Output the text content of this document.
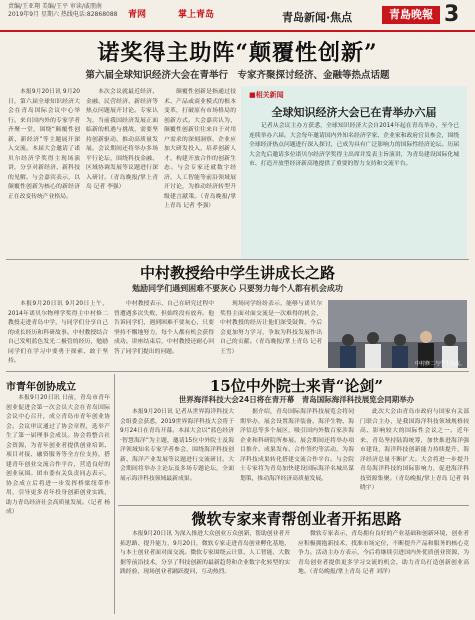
责编/王亚翔 美编/王平 审读/戚朋南
2019年9月 星期六 热线电话:82868088 青网	掌上青岛	青岛新闻·焦点	青島晚報 3
诺奖得主助阵“颠覆性创新”
第六届全球知识经济大会在青举行　专家齐聚探讨经济、金融等热点话题

本报9月20日讯 9月20日，第六届全球知识经济大会在青岛国际会议中心举行。来自国内外的专家学者齐聚一堂，围绕“颠覆性创新、新经济”等主题展开深入交流。本届大会邀请了诺贝尔经济学奖得主现场演讲，分享对新经济、新科技的见解。与会嘉宾表示，以颠覆性创新为核心的新经济正在改变传统产业格局。

本次会议就最近经济、金融、民营经济、新经济等热点问题展开讨论。专家认为，当前我国经济发展正面临新的机遇与挑战，需要坚持创新驱动，推动高质量发展。会议期间还将举办多场平行论坛，围绕科技金融、区域协调发展等议题进行深入研讨。（青岛晚报/掌上青岛 记者 李强）

颠覆性创新是指通过技术、产品或商业模式的根本变革，打破原有市场格局的创新方式。大会嘉宾认为，颠覆性创新往往来自于对用户需求的深刻洞察，企业应加大研发投入，培养创新人才，构建开放合作的创新生态。与会专家还就数字经济、人工智能等前沿领域展开讨论，为推动经济转型升级建言献策。（青岛晚报/掌上青岛 记者 李强）

■相关新闻
全球知识经济大会已在青举办六届

记者从会议主办方获悉，全球知识经济大会自2014年起在青岛举办，至今已连续举办六届。大会每年邀请国内外知名经济学家、企业家和政府官员参会，围绕全球经济热点问题进行深入探讨，已成为具有广泛影响力的国际性经济论坛。历届大会先后邀请多位诺贝尔经济学奖得主出席并发表主旨演讲，为青岛建设国际化城市、打造开放型经济新高地提供了重要的智力支持和交流平台。

中村教授给中学生讲成长之路
勉励同学们遇到困难不要灰心 只要努力每个人都有机会成功

本报9月20日讯 9月20日上午，2014年诺贝尔物理学奖得主中村修二教授走进青岛中学，与同学们分享自己的成长经历和科研故事。中村教授结合自己发明蓝色发光二极管的经历，勉励同学们在学习中要勇于探索、敢于坚持。

中村教授表示，自己在研究过程中曾遭遇多次失败，但始终没有放弃。他告诉同学们，遇到困难不要灰心，只要坚持不懈地努力，每个人都有机会获得成功。讲座结束后，中村教授还耐心回答了同学们提出的问题。

现场同学纷纷表示，能够与诺贝尔奖得主面对面交流是一次难得的机会，中村教授的经历让他们深受鼓舞，今后会更加努力学习，争取为科技发展作出自己的贡献。（青岛晚报/掌上青岛 记者 王雪）

中村修二与学生交流。
市青年创协成立

本报9月20日讯 日前，青岛市青年创业促进会第一次会员大会在青岛国际会议中心召开，成立青岛市青年创业协会。会议审议通过了协会章程，选举产生了第一届理事会成员。协会将整合社会资源，为青年创业者提供创业培训、项目对接、融资服务等全方位支持，搭建青年创业交流合作平台，营造良好的创业氛围。团市委有关负责同志表示，协会成立后将进一步发挥桥梁纽带作用，引导更多青年投身创新创业实践，助力青岛经济社会高质量发展。（记者 杨成）

15位中外院士来青“论剑”
世界海洋科技大会24日将在青开幕　青岛国际海洋科技展览会同期举办

本报9月20日讯 记者从世界海洋科技大会组委会获悉，2019世界海洋科技大会将于9月24日在青岛开幕。本届大会以“蓝色经济·智慧海洋”为主题，邀请15位中外院士及海洋领域知名专家学者参会，围绕海洋科技创新、海洋产业发展等议题进行交流研讨。大会期间将举办主论坛及多场专题论坛，全面展示海洋科技领域最新成果。

据介绍，青岛国际海洋科技展览会将同期举办，展会设置海洋装备、海洋生物、海洋信息等多个展区，吸引国内外数百家涉海企业和科研院所参展。展会期间还将举办项目推介、成果发布、合作签约等活动，为海洋科技成果转化搭建交流合作平台。与会院士专家将为青岛加快建设国际海洋名城出谋划策，推动海洋经济高质量发展。

此次大会由青岛市政府与国家有关部门联合主办，是我国海洋科技领域规格较高、影响较大的国际性会议之一。近年来，青岛坚持陆海统筹，加快推进海洋强市建设，海洋科技创新能力持续提升，海洋经济总量不断扩大。大会将进一步提升青岛海洋科技的国际影响力，促进海洋科技资源集聚。（青岛晚报/掌上青岛 记者 韩晓宇）

微软专家来青帮创业者开拓思路

本报9月20日讯 为深入推进大众创业万众创新，帮助创业者开拓思路、提升能力，9月20日，微软专家走进青岛创业孵化基地，与本土创业者面对面交流。微软专家围绕云计算、人工智能、大数据等前沿技术，分享了科技创新的最新趋势和企业数字化转型的实践经验，现场创业者踊跃提问，互动热烈。

微软专家表示，青岛拥有良好的产业基础和创新环境，创业者应积极拥抱新技术，找准市场定位，不断提升产品和服务的核心竞争力。活动主办方表示，今后将继续引进国内外优质创业资源，为青岛创业者提供更多学习交流的机会，助力青岛打造创新创业高地。（青岛晚报/掌上青岛 记者 刘洋）
